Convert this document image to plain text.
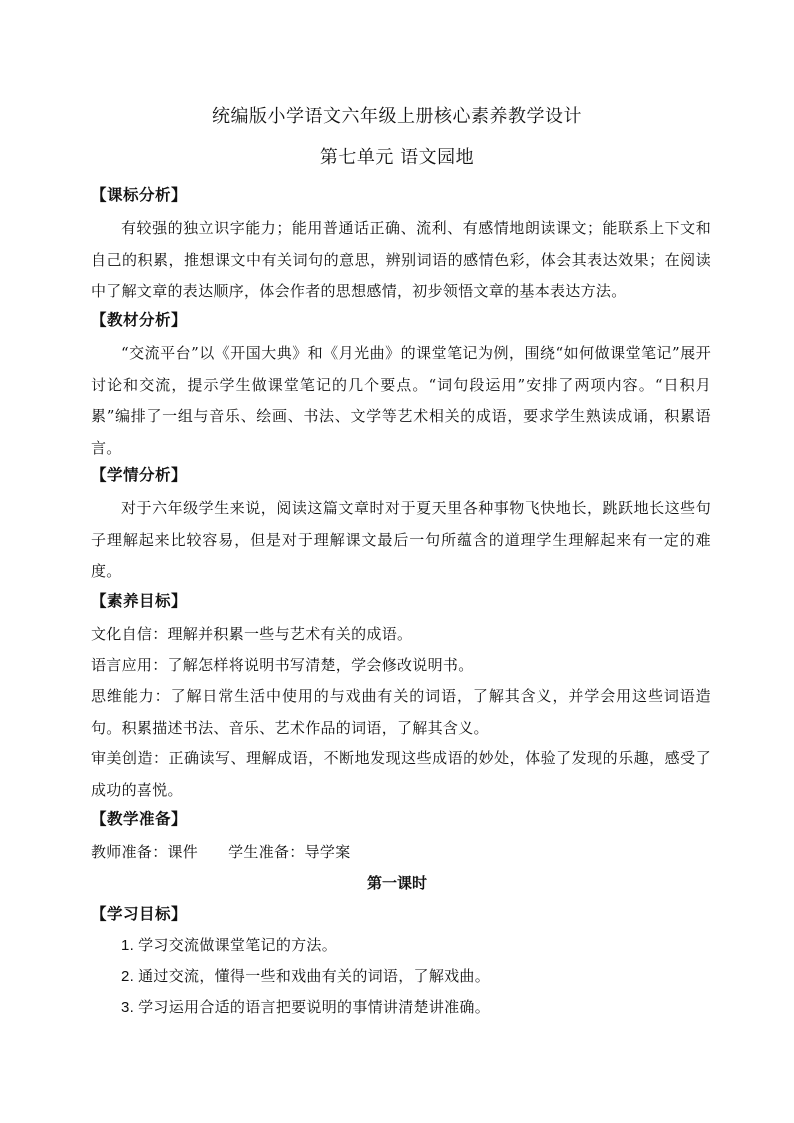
统编版小学语文六年级上册核心素养教学设计
第七单元 语文园地
【课标分析】
有较强的独立识字能力；能用普通话正确、流利、有感情地朗读课文；能联系上下文和自己的积累，推想课文中有关词句的意思，辨别词语的感情色彩，体会其表达效果；在阅读中了解文章的表达顺序，体会作者的思想感情，初步领悟文章的基本表达方法。
【教材分析】
“交流平台”以《开国大典》和《月光曲》的课堂笔记为例，围绕“如何做课堂笔记”展开讨论和交流，提示学生做课堂笔记的几个要点。“词句段运用”安排了两项内容。“日积月累”编排了一组与音乐、绘画、书法、文学等艺术相关的成语，要求学生熟读成诵，积累语言。
【学情分析】
对于六年级学生来说，阅读这篇文章时对于夏天里各种事物飞快地长，跳跃地长这些句子理解起来比较容易，但是对于理解课文最后一句所蕴含的道理学生理解起来有一定的难度。
【素养目标】
文化自信：理解并积累一些与艺术有关的成语。
语言应用：了解怎样将说明书写清楚，学会修改说明书。
思维能力：了解日常生活中使用的与戏曲有关的词语，了解其含义，并学会用这些词语造句。积累描述书法、音乐、艺术作品的词语，了解其含义。
审美创造：正确读写、理解成语，不断地发现这些成语的妙处，体验了发现的乐趣，感受了成功的喜悦。
【教学准备】
教师准备：课件 学生准备：导学案
第一课时
【学习目标】
1. 学习交流做课堂笔记的方法。
2. 通过交流，懂得一些和戏曲有关的词语，了解戏曲。
3. 学习运用合适的语言把要说明的事情讲清楚讲准确。
